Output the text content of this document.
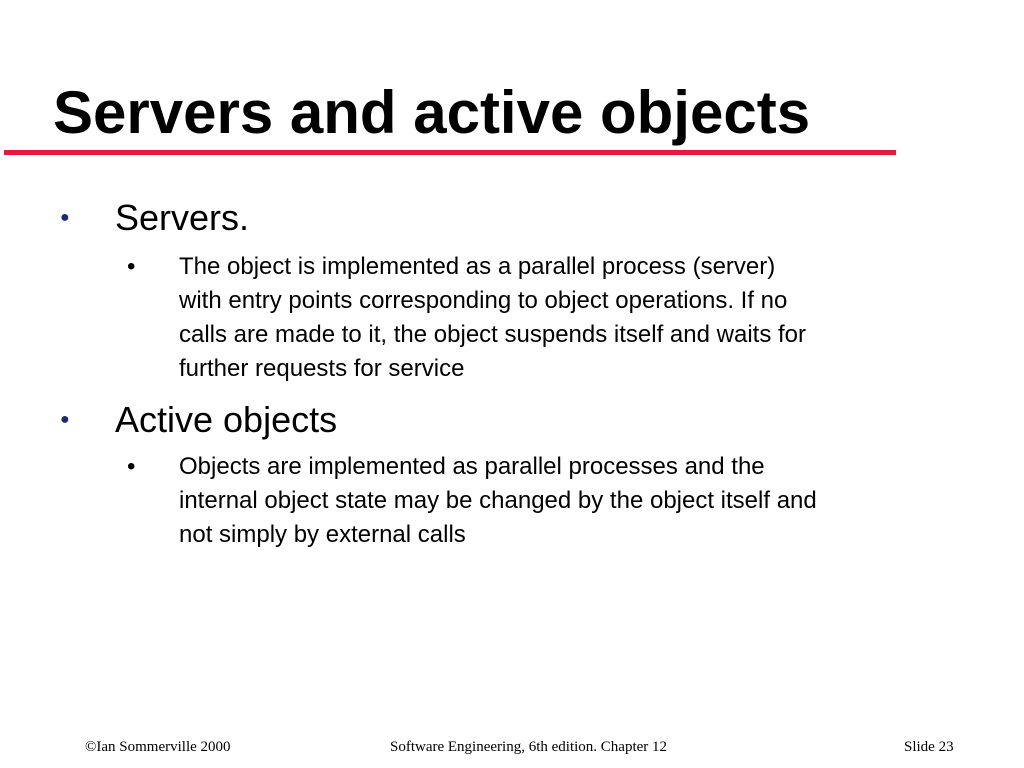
Servers and active objects
● Servers.
• The object is implemented as a parallel process (server)
with entry points corresponding to object operations. If no
calls are made to it, the object suspends itself and waits for
further requests for service
● Active objects
• Objects are implemented as parallel processes and the
internal object state may be changed by the object itself and
not simply by external calls
©Ian Sommerville 2000	Software Engineering, 6th edition. Chapter 12	Slide 23
